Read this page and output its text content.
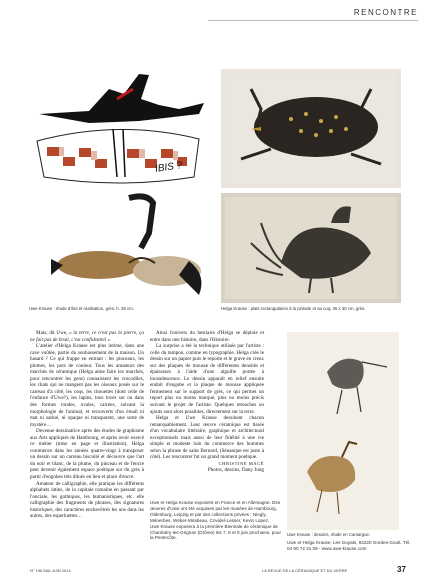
RENCONTRE
IBIS ?
Uwe Krause : étude d'ibis et réalisation, grès, h. 35 cm.	Helga Krause : plats rectangulaires à la pintade et au coq, 36 x 30 cm, grès.

Mais, dit Uwe, « la terre, ce n'est pas la pierre, ça ne fait pas de bruit, c'est confidentiel ».

L'atelier d'Helga Krause est plus intime, dans une cave voûtée, partie du soubassement de la maison. Un hasard ? Ce qui frappe en entrant : les pinceaux, les plumes, les pots de couleur. Tous les amateurs des marchés de céramique (Helga aime faire les marchés, pour rencontrer les gens) connaissent les crocodiles, les chats qui ne mangent pas les oiseaux posés sur le carreau d'à côté, les coqs, les chouettes (dont celle de l'enfance d'Uwe?), les lapins, tous lovés sur ou dans des formes rondes, ovales, carrées, suivant la morphologie de l'animal, et recouverts d'un émail ni mat ni satiné, ni opaque ni transparent, une sorte de mystère…

Devenue dessinatrice après des études de graphisme aux Arts appliqués de Hambourg, et après avoir exercé ce métier (mise en page et illustration), Helga commence dans les années quatre-vingt à transposer un dessin sur un carreau biscuité et découvre que l'art du noir et blanc, de la plume, du pinceau et de l'encre peut devenir également espace poétique sur du grès à partir d'engobes très dilués en lieu et place d'encre.

Amateur de calligraphie, elle pratique les différents alphabets latins, de la capitale romaine en passant par l'onciale, les gothiques, les humanistiques, etc. elle calligraphie des fragments de phrases, des signatures historiques, des caractères enchevêtrés les uns dans les autres, des esperluettes…

Ainsi l'univers du bestiaire d'Helga se déploie et entre dans une histoire, dans l'Histoire.

La surprise a été la technique utilisée par l'artiste : celle du tampon, comme en typographie. Helga crée le dessin sur un papier puis le reporte et le grave en creux sur des plaques de mousse de différentes densités et épaisseurs à l'aide d'une aiguille portée à incandescence. Le dessin apparaît en relief ensuite enduit d'engobe et la plaque de mousse appliquée fermement sur le support de grès, ce qui permet un report plus ou moins marqué, plus ou moins précis suivant le projet de l'artiste. Quelques retouches ou ajouts sont alors possibles, directement sur la terre.

Helga et Uwe Krause dessinent chacun remarquablement. Leur œuvre céramique est tissée d'un vocabulaire littéraire, graphique et architectural exceptionnels mais aussi de leur fidélité à une vie simple et modeste loin du commerce des hommes selon la phrase de saint Bernard, (Sénanque est juste à côté). Les rencontrer fut un grand moment poétique.

CHRISTINE MACÉ
Photos, dessins, Dany Jung
Uwe Krause : dessins, étude en Camargue.
Uwe et Helga Krause exposent en France et en Allemagne. Des œuvres d'Uwe ont été acquises par les musées de Hambourg, Oldenburg, Leipzig et par des collections privées : Niegly, Ménerbes, Weber-Mirabeau, Covidel-Lesser, Kevin Lopez.
Uwe Krause exposera à la première Biennale de céramique de Chambéry-les-Grignan (Drôme) les 7, 8 et 9 juin prochains, pour la Pentecôte.
Uwe et Helga Krause, Les Guyats, 84220 Gordes-Goult. Tél. 04 90 72 31 09 - www.uwe-krause.com
N° 196 MAI-JUIN 2014	LA REVUE DE LA CÉRAMIQUE ET DU VERRE	37
